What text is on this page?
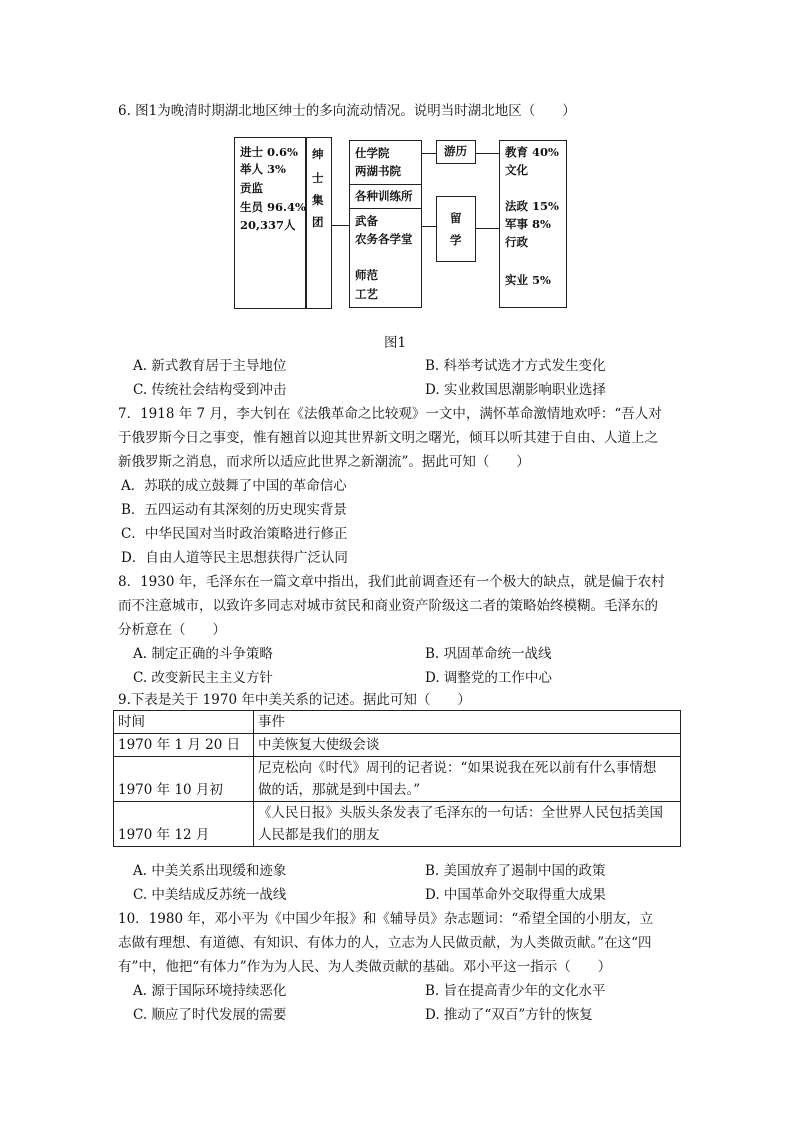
6. 图1为晚清时期湖北地区绅士的多向流动情况。说明当时湖北地区（　　）
进士 0.6%
举人 3%
贡监
生员 96.4%
20,337人
绅
士
集
团
仕学院
两湖书院
各种训练所
武备
农务各学堂
师范
工艺
游历
留
学
教育 40%
文化
法政 15%
军事 8%
行政
实业 5%
图1
A. 新式教育居于主导地位	B. 科举考试选才方式发生变化
C. 传统社会结构受到冲击	D. 实业救国思潮影响职业选择
7．1918 年 7 月，李大钊在《法俄革命之比较观》一文中，满怀革命激情地欢呼：“吾人对
于俄罗斯今日之事变，惟有翘首以迎其世界新文明之曙光，倾耳以听其建于自由、人道上之
新俄罗斯之消息，而求所以适应此世界之新潮流”。据此可知（　　）
A．苏联的成立鼓舞了中国的革命信心
B．五四运动有其深刻的历史现实背景
C．中华民国对当时政治策略进行修正
D．自由人道等民主思想获得广泛认同
8．1930 年，毛泽东在一篇文章中指出，我们此前调查还有一个极大的缺点，就是偏于农村
而不注意城市，以致许多同志对城市贫民和商业资产阶级这二者的策略始终模糊。毛泽东的
分析意在（　　）
A. 制定正确的斗争策略	B. 巩固革命统一战线
C. 改变新民主主义方针	D. 调整党的工作中心
9.下表是关于 1970 年中美关系的记述。据此可知（　　）
时间	事件
1970 年 1 月 20 日	中美恢复大使级会谈
1970 年 10 月初	尼克松向《时代》周刊的记者说：“如果说我在死以前有什么事情想
做的话，那就是到中国去。”

1970 年 12 月	《人民日报》头版头条发表了毛泽东的一句话：全世界人民包括美国
人民都是我们的朋友
A. 中美关系出现缓和迹象	B. 美国放弃了遏制中国的政策
C. 中美结成反苏统一战线	D. 中国革命外交取得重大成果
10．1980 年，邓小平为《中国少年报》和《辅导员》杂志题词：“希望全国的小朋友，立
志做有理想、有道德、有知识、有体力的人，立志为人民做贡献，为人类做贡献。”在这“四
有”中，他把“有体力”作为为人民、为人类做贡献的基础。邓小平这一指示（　　）
A. 源于国际环境持续恶化	B. 旨在提高青少年的文化水平
C. 顺应了时代发展的需要	D. 推动了“双百”方针的恢复
